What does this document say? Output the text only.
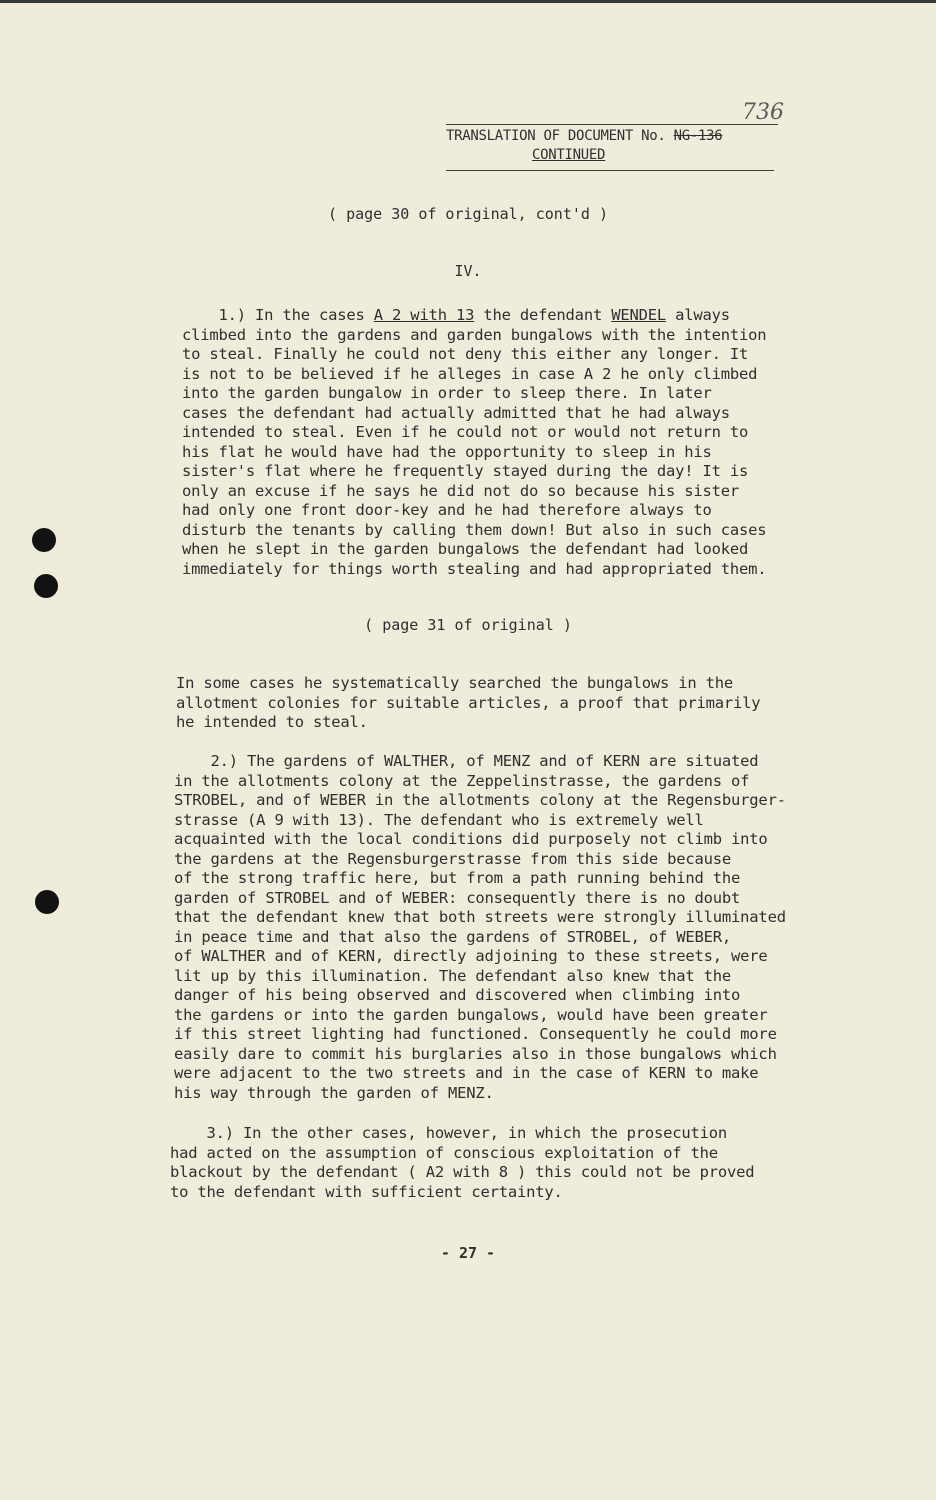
736
TRANSLATION OF DOCUMENT No. NG-136
CONTINUED
( page 30 of original, cont'd )
IV.
1.) In the cases A 2 with 13 the defendant WENDEL always
climbed into the gardens and garden bungalows with the intention
to steal. Finally he could not deny this either any longer. It
is not to be believed if he alleges in case A 2 he only climbed
into the garden bungalow in order to sleep there. In later
cases the defendant had actually admitted that he had always
intended to steal. Even if he could not or would not return to
his flat he would have had the opportunity to sleep in his
sister's flat where he frequently stayed during the day! It is
only an excuse if he says he did not do so because his sister
had only one front door-key and he had therefore always to
disturb the tenants by calling them down! But also in such cases
when he slept in the garden bungalows the defendant had looked
immediately for things worth stealing and had appropriated them.
( page 31 of original )
In some cases he systematically searched the bungalows in the
allotment colonies for suitable articles, a proof that primarily
he intended to steal.
2.) The gardens of WALTHER, of MENZ and of KERN are situated
in the allotments colony at the Zeppelinstrasse, the gardens of
STROBEL, and of WEBER in the allotments colony at the Regensburger-
strasse (A 9 with 13). The defendant who is extremely well
acquainted with the local conditions did purposely not climb into
the gardens at the Regensburgerstrasse from this side because
of the strong traffic here, but from a path running behind the
garden of STROBEL and of WEBER: consequently there is no doubt
that the defendant knew that both streets were strongly illuminated
in peace time and that also the gardens of STROBEL, of WEBER,
of WALTHER and of KERN, directly adjoining to these streets, were
lit up by this illumination. The defendant also knew that the
danger of his being observed and discovered when climbing into
the gardens or into the garden bungalows, would have been greater
if this street lighting had functioned. Consequently he could more
easily dare to commit his burglaries also in those bungalows which
were adjacent to the two streets and in the case of KERN to make
his way through the garden of MENZ.
3.) In the other cases, however, in which the prosecution
had acted on the assumption of conscious exploitation of the
blackout by the defendant ( A2 with 8 ) this could not be proved
to the defendant with sufficient certainty.
- 27 -
